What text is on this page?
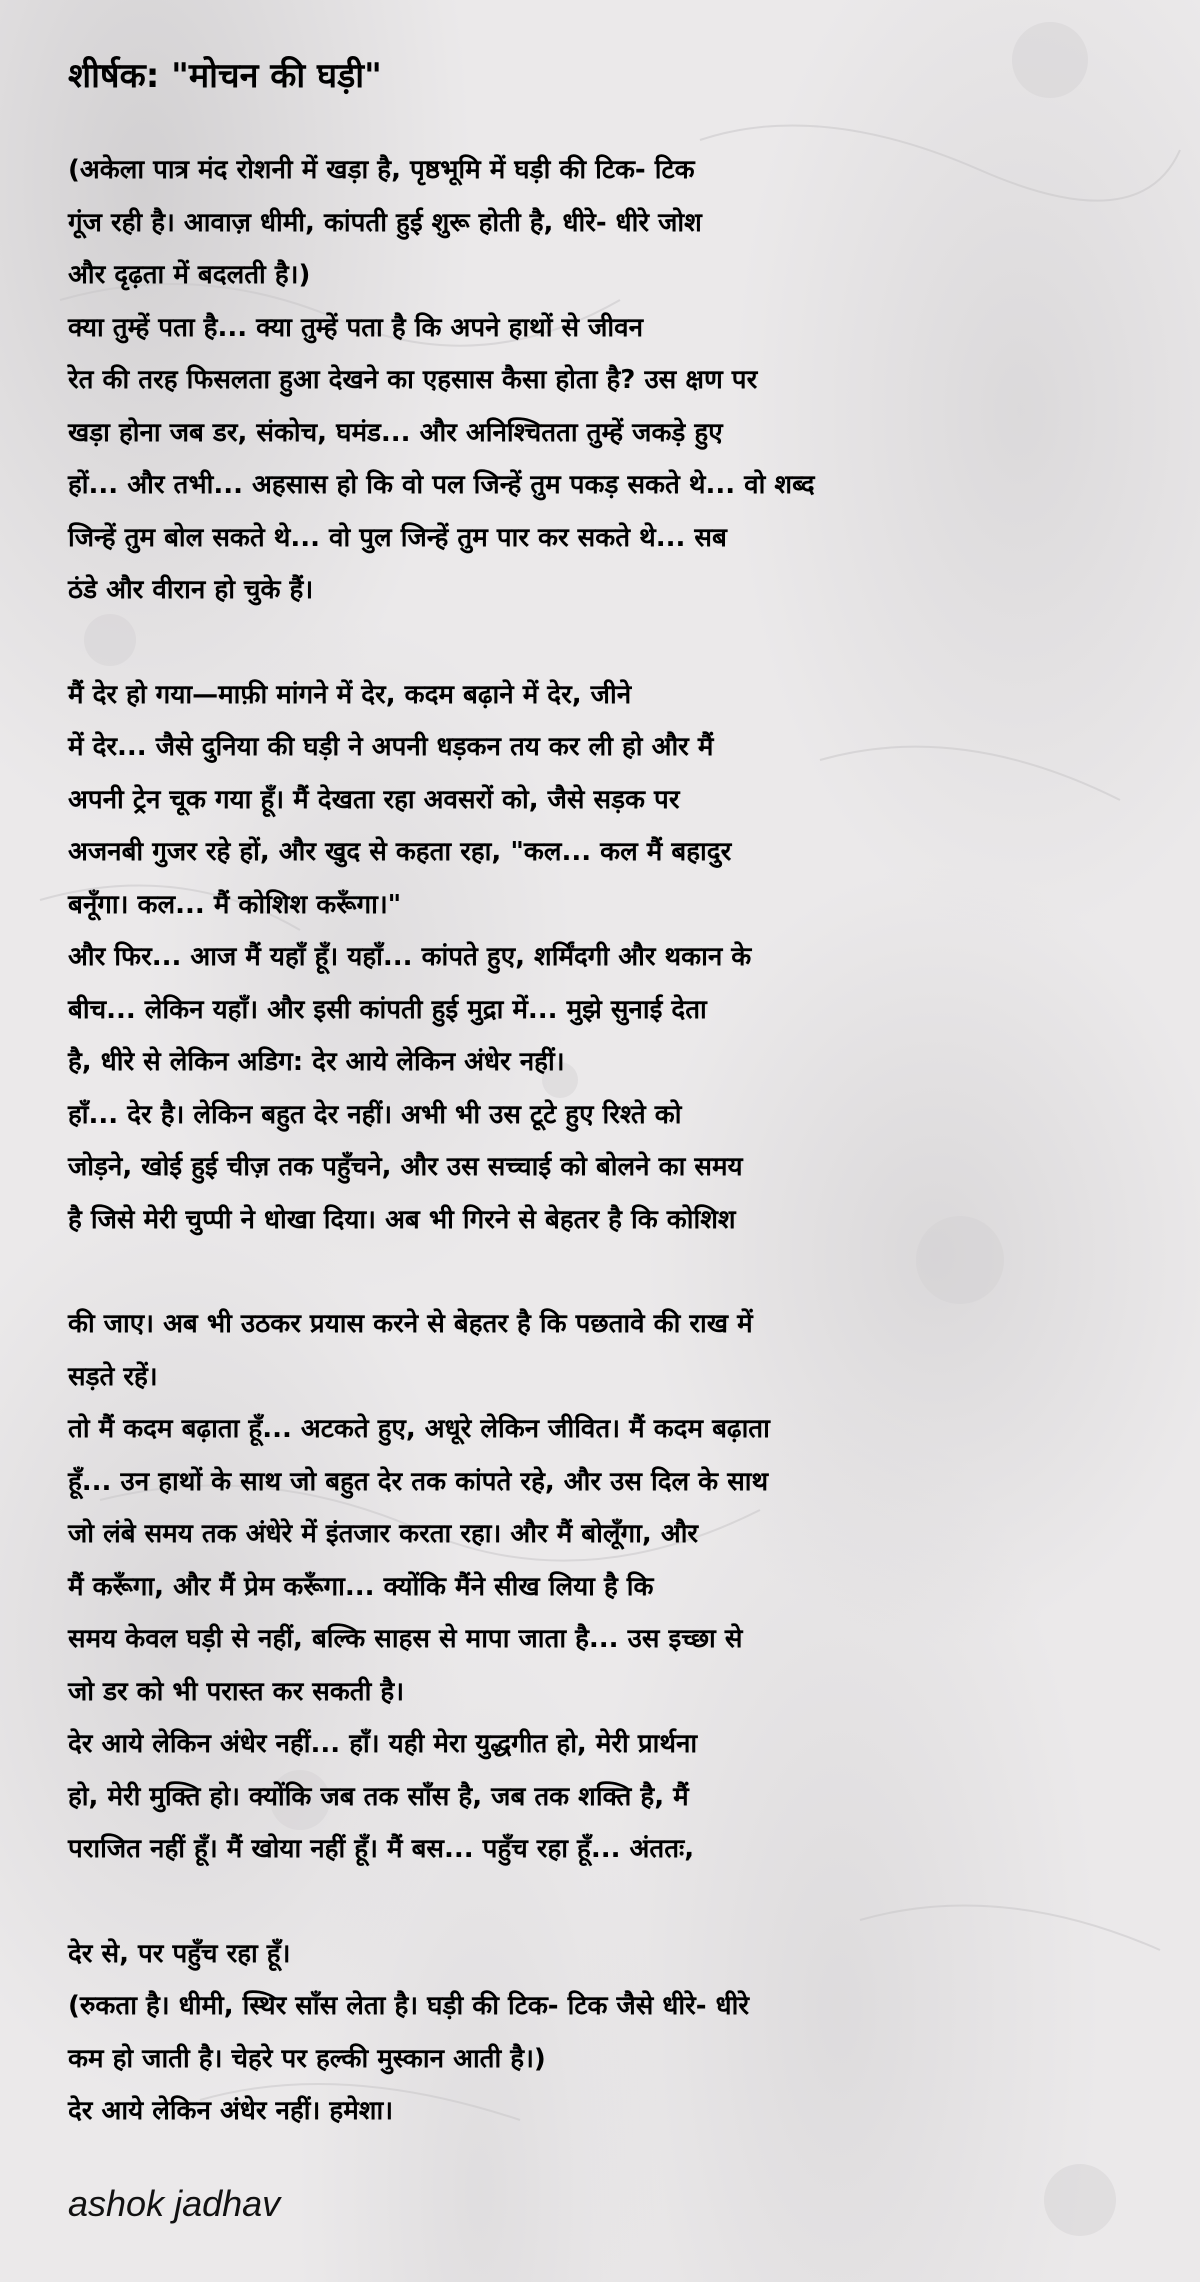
शीर्षक: "मोचन की घड़ी"
(अकेला पात्र मंद रोशनी में खड़ा है, पृष्ठभूमि में घड़ी की टिक- टिक
गूंज रही है। आवाज़ धीमी, कांपती हुई शुरू होती है, धीरे- धीरे जोश
और दृढ़ता में बदलती है।)
क्या तुम्हें पता है... क्या तुम्हें पता है कि अपने हाथों से जीवन
रेत की तरह फिसलता हुआ देखने का एहसास कैसा होता है? उस क्षण पर
खड़ा होना जब डर, संकोच, घमंड... और अनिश्चितता तुम्हें जकड़े हुए
हों... और तभी... अहसास हो कि वो पल जिन्हें तुम पकड़ सकते थे... वो शब्द
जिन्हें तुम बोल सकते थे... वो पुल जिन्हें तुम पार कर सकते थे... सब
ठंडे और वीरान हो चुके हैं।
मैं देर हो गया—माफ़ी मांगने में देर, कदम बढ़ाने में देर, जीने
में देर... जैसे दुनिया की घड़ी ने अपनी धड़कन तय कर ली हो और मैं
अपनी ट्रेन चूक गया हूँ। मैं देखता रहा अवसरों को, जैसे सड़क पर
अजनबी गुजर रहे हों, और खुद से कहता रहा, "कल... कल मैं बहादुर
बनूँगा। कल... मैं कोशिश करूँगा।"
और फिर... आज मैं यहाँ हूँ। यहाँ... कांपते हुए, शर्मिंदगी और थकान के
बीच... लेकिन यहाँ। और इसी कांपती हुई मुद्रा में... मुझे सुनाई देता
है, धीरे से लेकिन अडिग: देर आये लेकिन अंधेर नहीं।
हाँ... देर है। लेकिन बहुत देर नहीं। अभी भी उस टूटे हुए रिश्ते को
जोड़ने, खोई हुई चीज़ तक पहुँचने, और उस सच्चाई को बोलने का समय
है जिसे मेरी चुप्पी ने धोखा दिया। अब भी गिरने से बेहतर है कि कोशिश
की जाए। अब भी उठकर प्रयास करने से बेहतर है कि पछतावे की राख में
सड़ते रहें।
तो मैं कदम बढ़ाता हूँ... अटकते हुए, अधूरे लेकिन जीवित। मैं कदम बढ़ाता
हूँ... उन हाथों के साथ जो बहुत देर तक कांपते रहे, और उस दिल के साथ
जो लंबे समय तक अंधेरे में इंतजार करता रहा। और मैं बोलूँगा, और
मैं करूँगा, और मैं प्रेम करूँगा... क्योंकि मैंने सीख लिया है कि
समय केवल घड़ी से नहीं, बल्कि साहस से मापा जाता है... उस इच्छा से
जो डर को भी परास्त कर सकती है।
देर आये लेकिन अंधेर नहीं... हाँ। यही मेरा युद्धगीत हो, मेरी प्रार्थना
हो, मेरी मुक्ति हो। क्योंकि जब तक साँस है, जब तक शक्ति है, मैं
पराजित नहीं हूँ। मैं खोया नहीं हूँ। मैं बस... पहुँच रहा हूँ... अंततः,
देर से, पर पहुँच रहा हूँ।
(रुकता है। धीमी, स्थिर साँस लेता है। घड़ी की टिक- टिक जैसे धीरे- धीरे
कम हो जाती है। चेहरे पर हल्की मुस्कान आती है।)
देर आये लेकिन अंधेर नहीं। हमेशा।
ashok jadhav
